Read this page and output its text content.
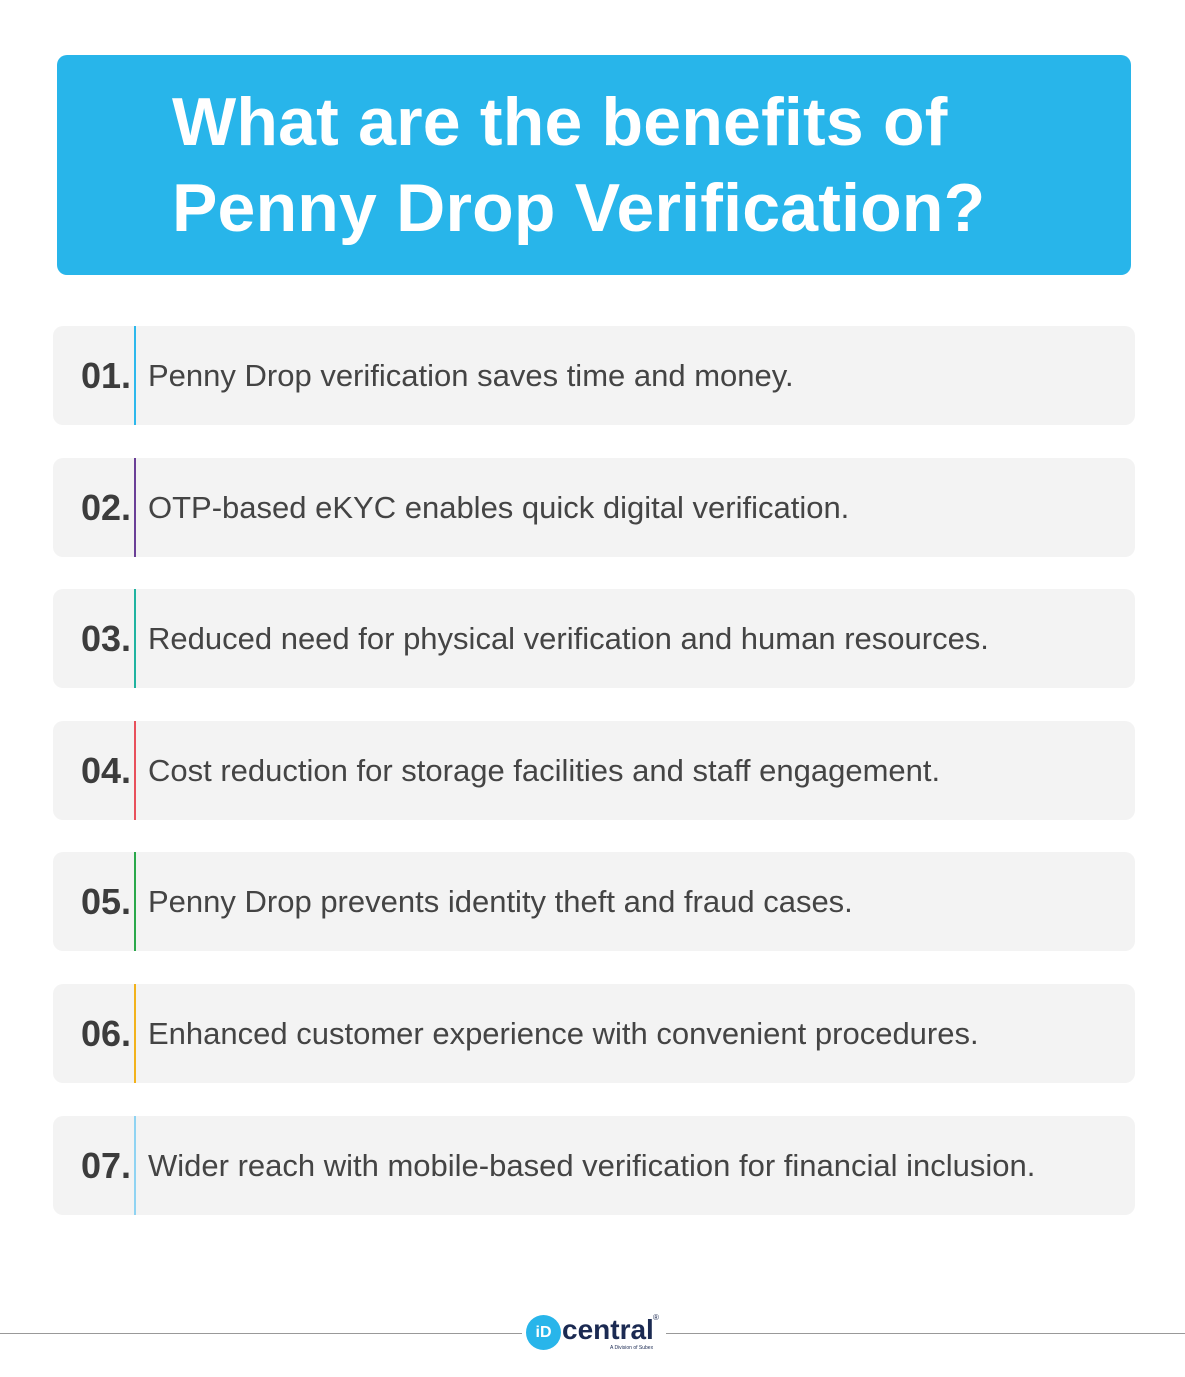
What are the benefits of
Penny Drop Verification?
01. Penny Drop verification saves time and money.
02. OTP-based eKYC enables quick digital verification.
03. Reduced need for physical verification and human resources.
04. Cost reduction for storage facilities and staff engagement.
05. Penny Drop prevents identity theft and fraud cases.
06. Enhanced customer experience with convenient procedures.
07. Wider reach with mobile-based verification for financial inclusion.
iD central ®
A Division of Subex
